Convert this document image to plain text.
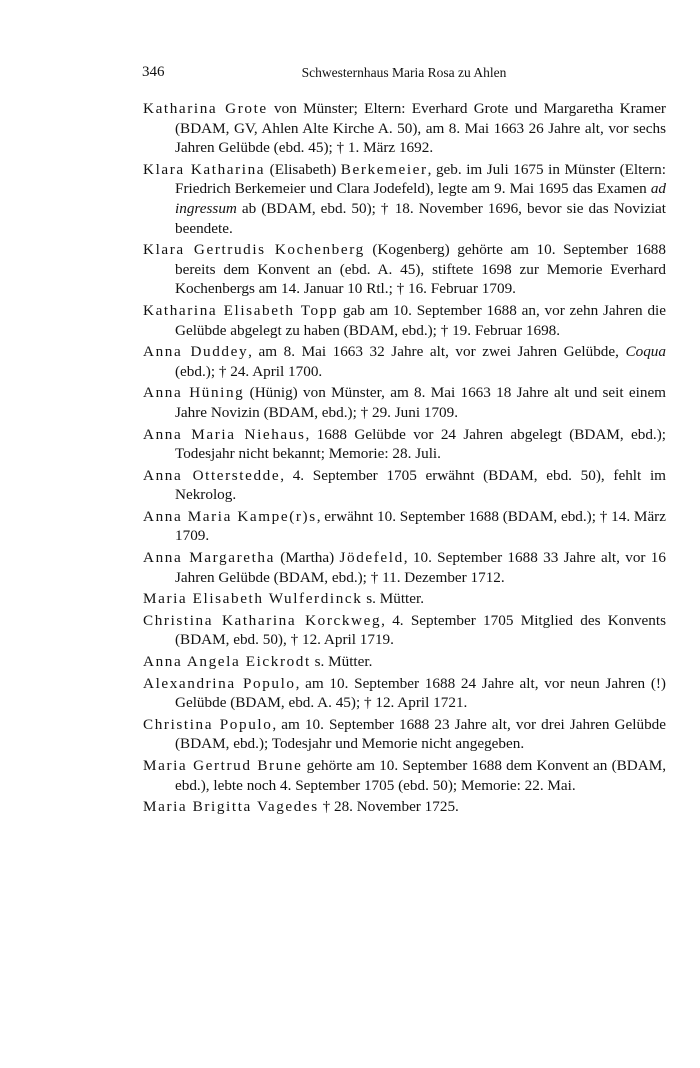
346	Schwesternhaus Maria Rosa zu Ahlen

Katharina Grote von Münster; Eltern: Everhard Grote und Margaretha Kramer (BDAM, GV, Ahlen Alte Kirche A. 50), am 8. Mai 1663 26 Jahre alt, vor sechs Jahren Gelübde (ebd. 45); † 1. März 1692.

Klara Katharina (Elisabeth) Berkemeier, geb. im Juli 1675 in Münster (Eltern: Friedrich Berkemeier und Clara Jodefeld), legte am 9. Mai 1695 das Examen ad ingressum ab (BDAM, ebd. 50); † 18. November 1696, bevor sie das Noviziat beendete.

Klara Gertrudis Kochenberg (Kogenberg) gehörte am 10. September 1688 bereits dem Konvent an (ebd. A. 45), stiftete 1698 zur Memorie Everhard Kochenbergs am 14. Januar 10 Rtl.; † 16. Februar 1709.

Katharina Elisabeth Topp gab am 10. September 1688 an, vor zehn Jahren die Gelübde abgelegt zu haben (BDAM, ebd.); † 19. Februar 1698.

Anna Duddey, am 8. Mai 1663 32 Jahre alt, vor zwei Jahren Gelübde, Coqua (ebd.); † 24. April 1700.

Anna Hüning (Hünig) von Münster, am 8. Mai 1663 18 Jahre alt und seit einem Jahre Novizin (BDAM, ebd.); † 29. Juni 1709.

Anna Maria Niehaus, 1688 Gelübde vor 24 Jahren abgelegt (BDAM, ebd.); Todesjahr nicht bekannt; Memorie: 28. Juli.

Anna Otterstedde, 4. September 1705 erwähnt (BDAM, ebd. 50), fehlt im Nekrolog.

Anna Maria Kampe(r)s, erwähnt 10. September 1688 (BDAM, ebd.); † 14. März 1709.

Anna Margaretha (Martha) Jödefeld, 10. September 1688 33 Jahre alt, vor 16 Jahren Gelübde (BDAM, ebd.); † 11. Dezember 1712.

Maria Elisabeth Wulferdinck s. Mütter.

Christina Katharina Korckweg, 4. September 1705 Mitglied des Konvents (BDAM, ebd. 50), † 12. April 1719.

Anna Angela Eickrodt s. Mütter.

Alexandrina Populo, am 10. September 1688 24 Jahre alt, vor neun Jahren (!) Gelübde (BDAM, ebd. A. 45); † 12. April 1721.

Christina Populo, am 10. September 1688 23 Jahre alt, vor drei Jahren Gelübde (BDAM, ebd.); Todesjahr und Memorie nicht angegeben.

Maria Gertrud Brune gehörte am 10. September 1688 dem Konvent an (BDAM, ebd.), lebte noch 4. September 1705 (ebd. 50); Memorie: 22. Mai.

Maria Brigitta Vagedes † 28. November 1725.
